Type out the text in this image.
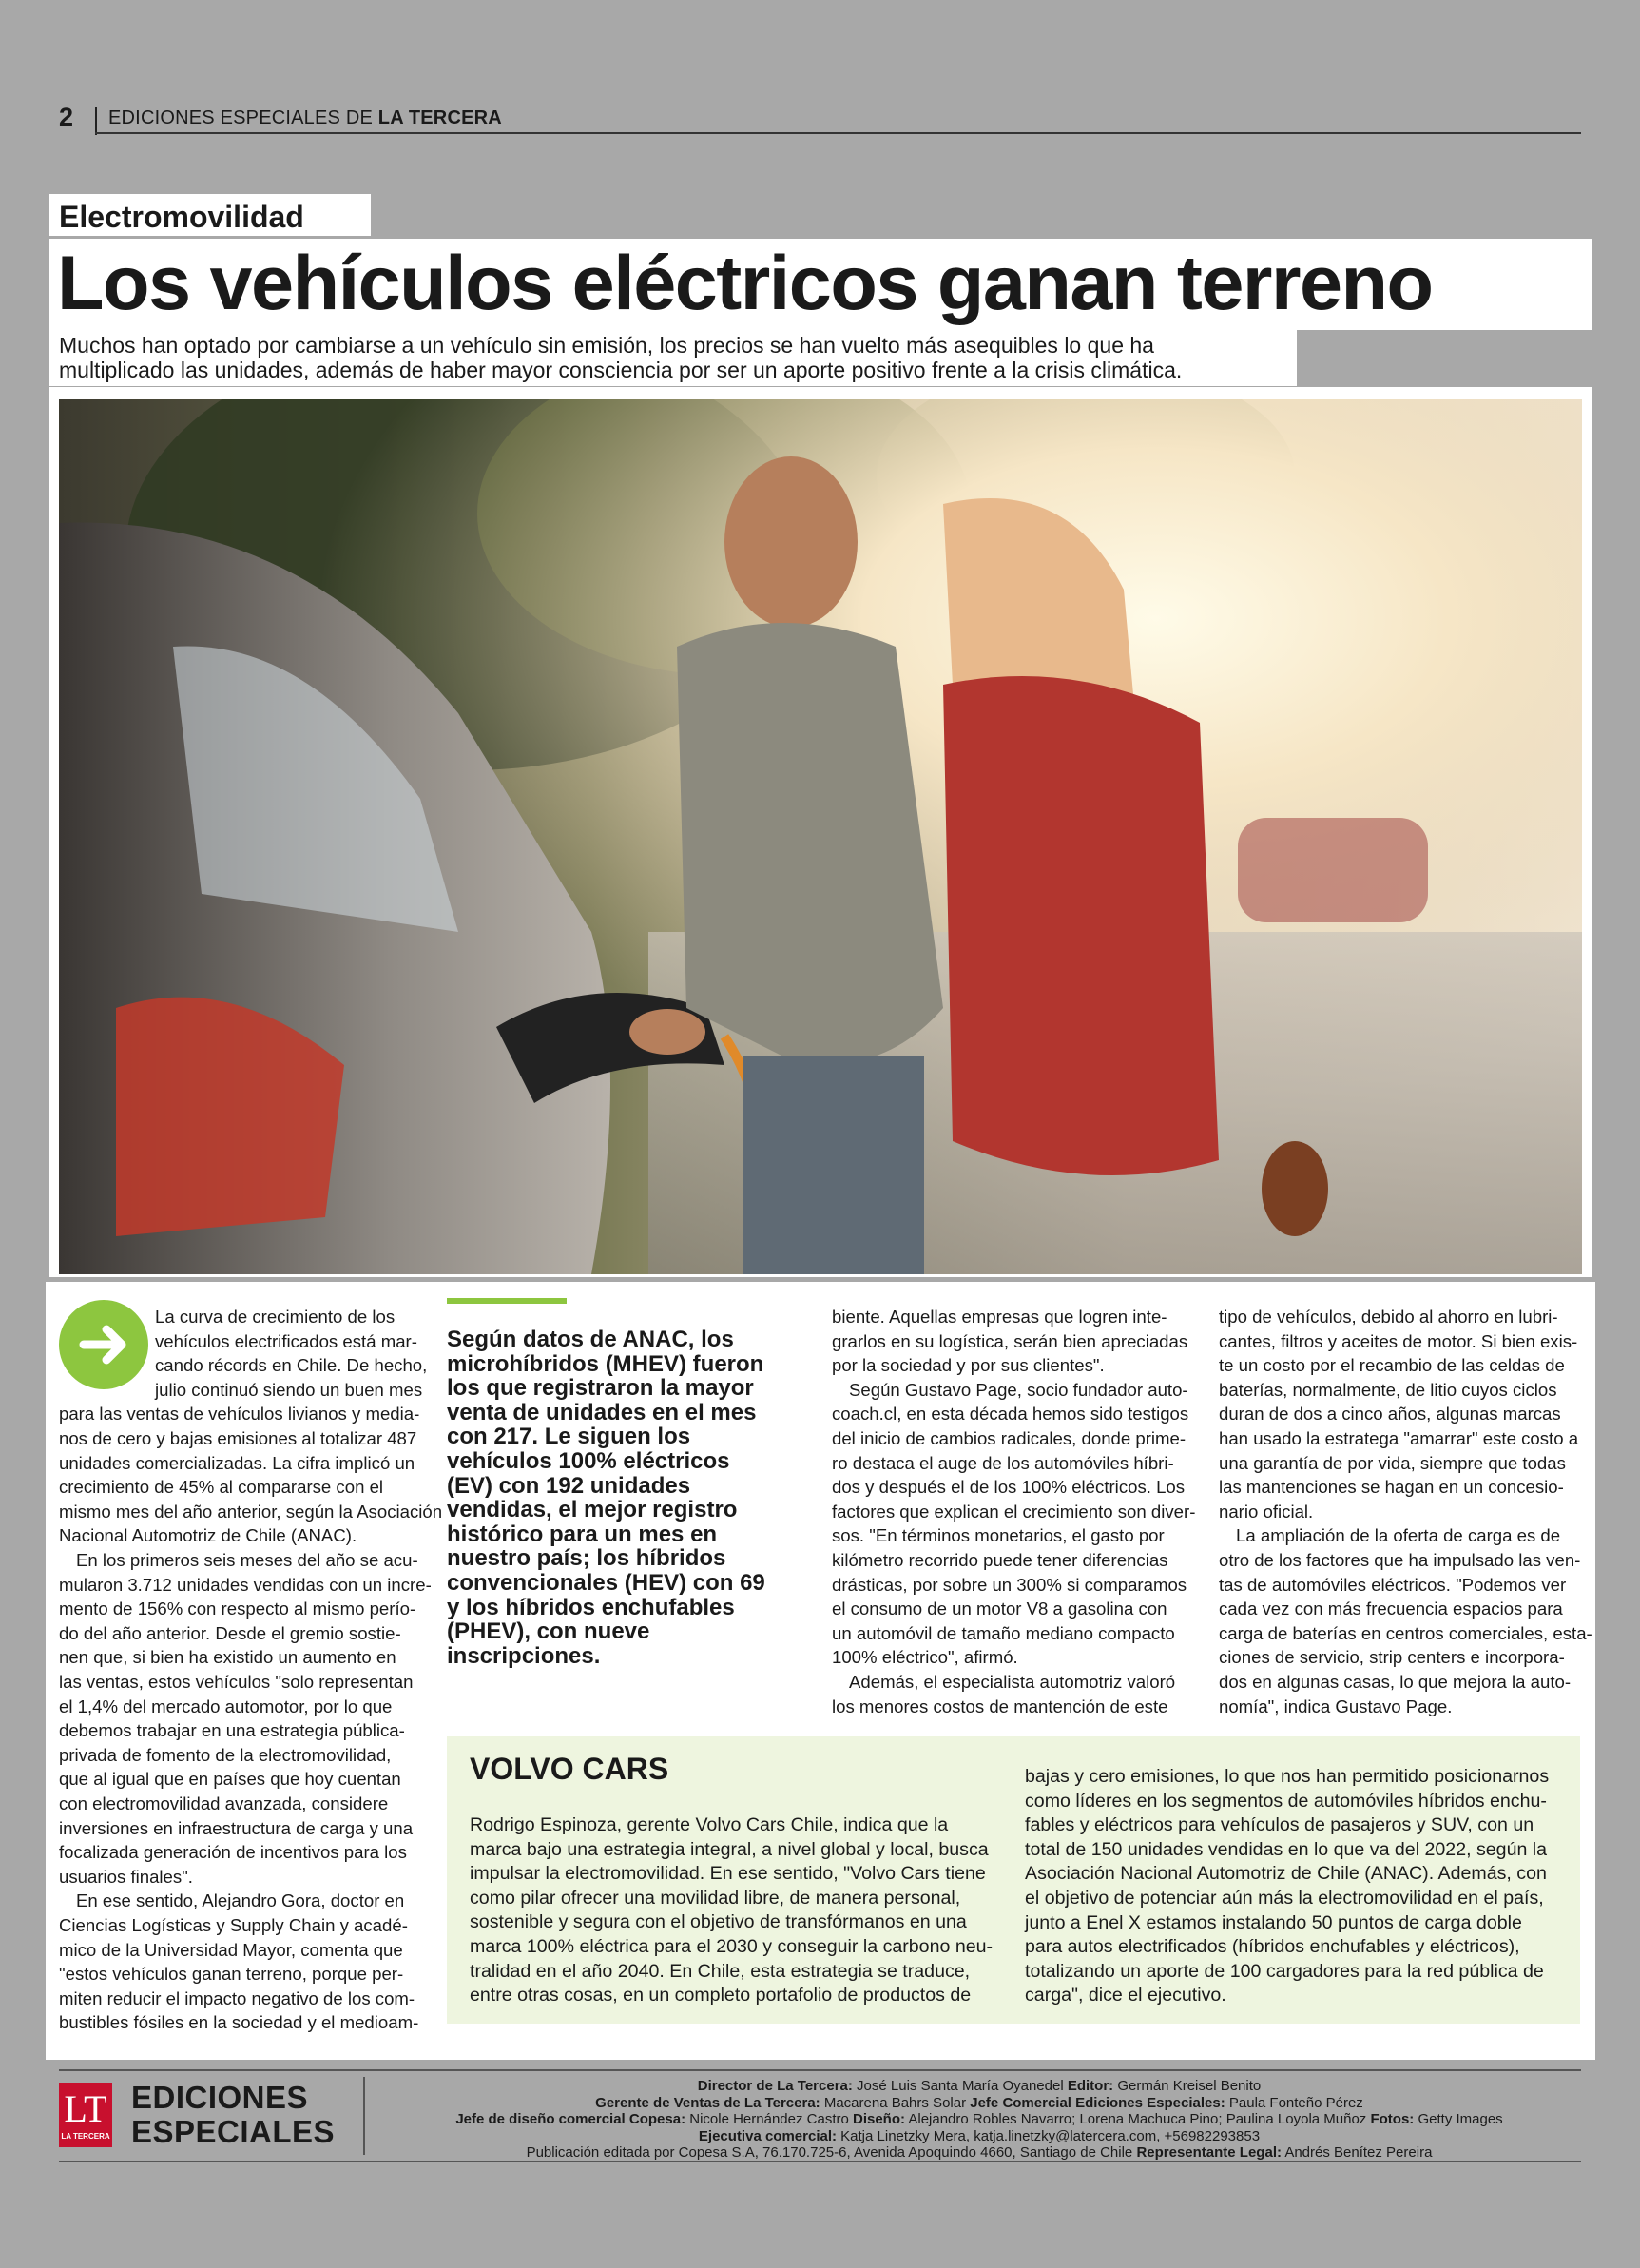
2 EDICIONES ESPECIALES DE LA TERCERA
Electromovilidad
Los vehículos eléctricos ganan terreno
Muchos han optado por cambiarse a un vehículo sin emisión, los precios se han vuelto más asequibles lo que ha
multiplicado las unidades, además de haber mayor consciencia por ser un aporte positivo frente a la crisis climática.
La curva de crecimiento de los
vehículos electrificados está mar-
cando récords en Chile. De hecho,
julio continuó siendo un buen mes
para las ventas de vehículos livianos y media-
nos de cero y bajas emisiones al totalizar 487
unidades comercializadas. La cifra implicó un
crecimiento de 45% al compararse con el
mismo mes del año anterior, según la Asociación
Nacional Automotriz de Chile (ANAC).
En los primeros seis meses del año se acu-
mularon 3.712 unidades vendidas con un incre-
mento de 156% con respecto al mismo perío-
do del año anterior. Desde el gremio sostie-
nen que, si bien ha existido un aumento en
las ventas, estos vehículos "solo representan
el 1,4% del mercado automotor, por lo que
debemos trabajar en una estrategia pública-
privada de fomento de la electromovilidad,
que al igual que en países que hoy cuentan
con electromovilidad avanzada, considere
inversiones en infraestructura de carga y una
focalizada generación de incentivos para los
usuarios finales".
En ese sentido, Alejandro Gora, doctor en
Ciencias Logísticas y Supply Chain y acadé-
mico de la Universidad Mayor, comenta que
"estos vehículos ganan terreno, porque per-
miten reducir el impacto negativo de los com-
bustibles fósiles en la sociedad y el medioam-
Según datos de ANAC, los
microhíbridos (MHEV) fueron
los que registraron la mayor
venta de unidades en el mes
con 217. Le siguen los
vehículos 100% eléctricos
(EV) con 192 unidades
vendidas, el mejor registro
histórico para un mes en
nuestro país; los híbridos
convencionales (HEV) con 69
y los híbridos enchufables
(PHEV), con nueve
inscripciones.
biente. Aquellas empresas que logren inte-
grarlos en su logística, serán bien apreciadas
por la sociedad y por sus clientes".
Según Gustavo Page, socio fundador auto-
coach.cl, en esta década hemos sido testigos
del inicio de cambios radicales, donde prime-
ro destaca el auge de los automóviles híbri-
dos y después el de los 100% eléctricos. Los
factores que explican el crecimiento son diver-
sos. "En términos monetarios, el gasto por
kilómetro recorrido puede tener diferencias
drásticas, por sobre un 300% si comparamos
el consumo de un motor V8 a gasolina con
un automóvil de tamaño mediano compacto
100% eléctrico", afirmó.
Además, el especialista automotriz valoró
los menores costos de mantención de este
tipo de vehículos, debido al ahorro en lubri-
cantes, filtros y aceites de motor. Si bien exis-
te un costo por el recambio de las celdas de
baterías, normalmente, de litio cuyos ciclos
duran de dos a cinco años, algunas marcas
han usado la estratega "amarrar" este costo a
una garantía de por vida, siempre que todas
las mantenciones se hagan en un concesio-
nario oficial.
La ampliación de la oferta de carga es de
otro de los factores que ha impulsado las ven-
tas de automóviles eléctricos. "Podemos ver
cada vez con más frecuencia espacios para
carga de baterías en centros comerciales, esta-
ciones de servicio, strip centers e incorpora-
dos en algunas casas, lo que mejora la auto-
nomía", indica Gustavo Page.
VOLVO CARS
Rodrigo Espinoza, gerente Volvo Cars Chile, indica que la
marca bajo una estrategia integral, a nivel global y local, busca
impulsar la electromovilidad. En ese sentido, "Volvo Cars tiene
como pilar ofrecer una movilidad libre, de manera personal,
sostenible y segura con el objetivo de transfórmanos en una
marca 100% eléctrica para el 2030 y conseguir la carbono neu-
tralidad en el año 2040. En Chile, esta estrategia se traduce,
entre otras cosas, en un completo portafolio de productos de
bajas y cero emisiones, lo que nos han permitido posicionarnos
como líderes en los segmentos de automóviles híbridos enchu-
fables y eléctricos para vehículos de pasajeros y SUV, con un
total de 150 unidades vendidas en lo que va del 2022, según la
Asociación Nacional Automotriz de Chile (ANAC). Además, con
el objetivo de potenciar aún más la electromovilidad en el país,
junto a Enel X estamos instalando 50 puntos de carga doble
para autos electrificados (híbridos enchufables y eléctricos),
totalizando un aporte de 100 cargadores para la red pública de
carga", dice el ejecutivo.
LT
LA TERCERA
EDICIONES
ESPECIALES
Director de La Tercera: José Luis Santa María Oyanedel Editor: Germán Kreisel Benito
Gerente de Ventas de La Tercera: Macarena Bahrs Solar Jefe Comercial Ediciones Especiales: Paula Fonteño Pérez
Jefe de diseño comercial Copesa: Nicole Hernández Castro Diseño: Alejandro Robles Navarro; Lorena Machuca Pino; Paulina Loyola Muñoz Fotos: Getty Images
Ejecutiva comercial: Katja Linetzky Mera, katja.linetzky@latercera.com, +56982293853
Publicación editada por Copesa S.A, 76.170.725-6, Avenida Apoquindo 4660, Santiago de Chile Representante Legal: Andrés Benítez Pereira
